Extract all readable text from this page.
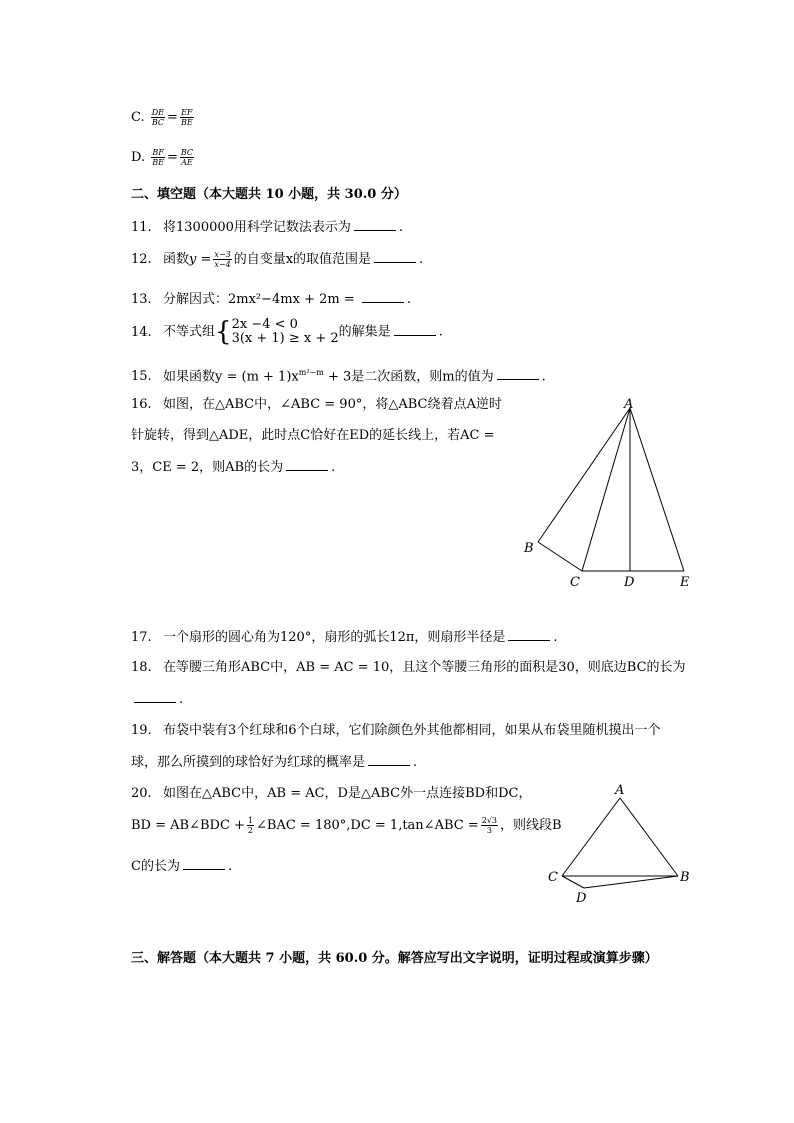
C. $\frac{DE}{BC} = \frac{EF}{BE}$
D. $\frac{BF}{BE} = \frac{BC}{AE}$
二、填空题（本大题共 10 小题，共 30.0 分）
11. 将1300000用科学记数法表示为	.
12. 函数$y = \frac{x-3}{x-4}$ 的自变量x的取值范围是	.
13. 分解因式：2mx²−4mx + 2m =	.
14. 不等式组{ 2x −4 < 0
3(x + 1) ≥ x + 2 的解集是	.
15. 如果函数$y = (m + 1)x^{m^2-m} + 3$是二次函数，则m的值为	.
16. 如图，在△ABC中，∠ABC = 90°，将△ABC绕着点A逆时
针旋转，得到△ADE，此时点C恰好在ED的延长线上，若AC =
3，CE = 2，则AB的长为	.
A
B
C	D	E
17. 一个扇形的圆心角为120°，扇形的弧长12π，则扇形半径是	.
18. 在等腰三角形ABC中，AB = AC = 10，且这个等腰三角形的面积是30，则底边BC的长为
.
19. 布袋中装有3个红球和6个白球，它们除颜色外其他都相同，如果从布袋里随机摸出一个
球，那么所摸到的球恰好为红球的概率是	.
20. 如图在△ABC中，AB = AC，D是△ABC外一点连接BD和DC，
BD = AB∠BDC + $\frac{1}{2}$ ∠BAC = 180°,DC = 1,tan∠ABC = $\frac{2√3}{3}$ ，则线段B
C的长为	.
A
C	B
D
三、解答题（本大题共 7 小题，共 60.0 分。解答应写出文字说明，证明过程或演算步骤）
